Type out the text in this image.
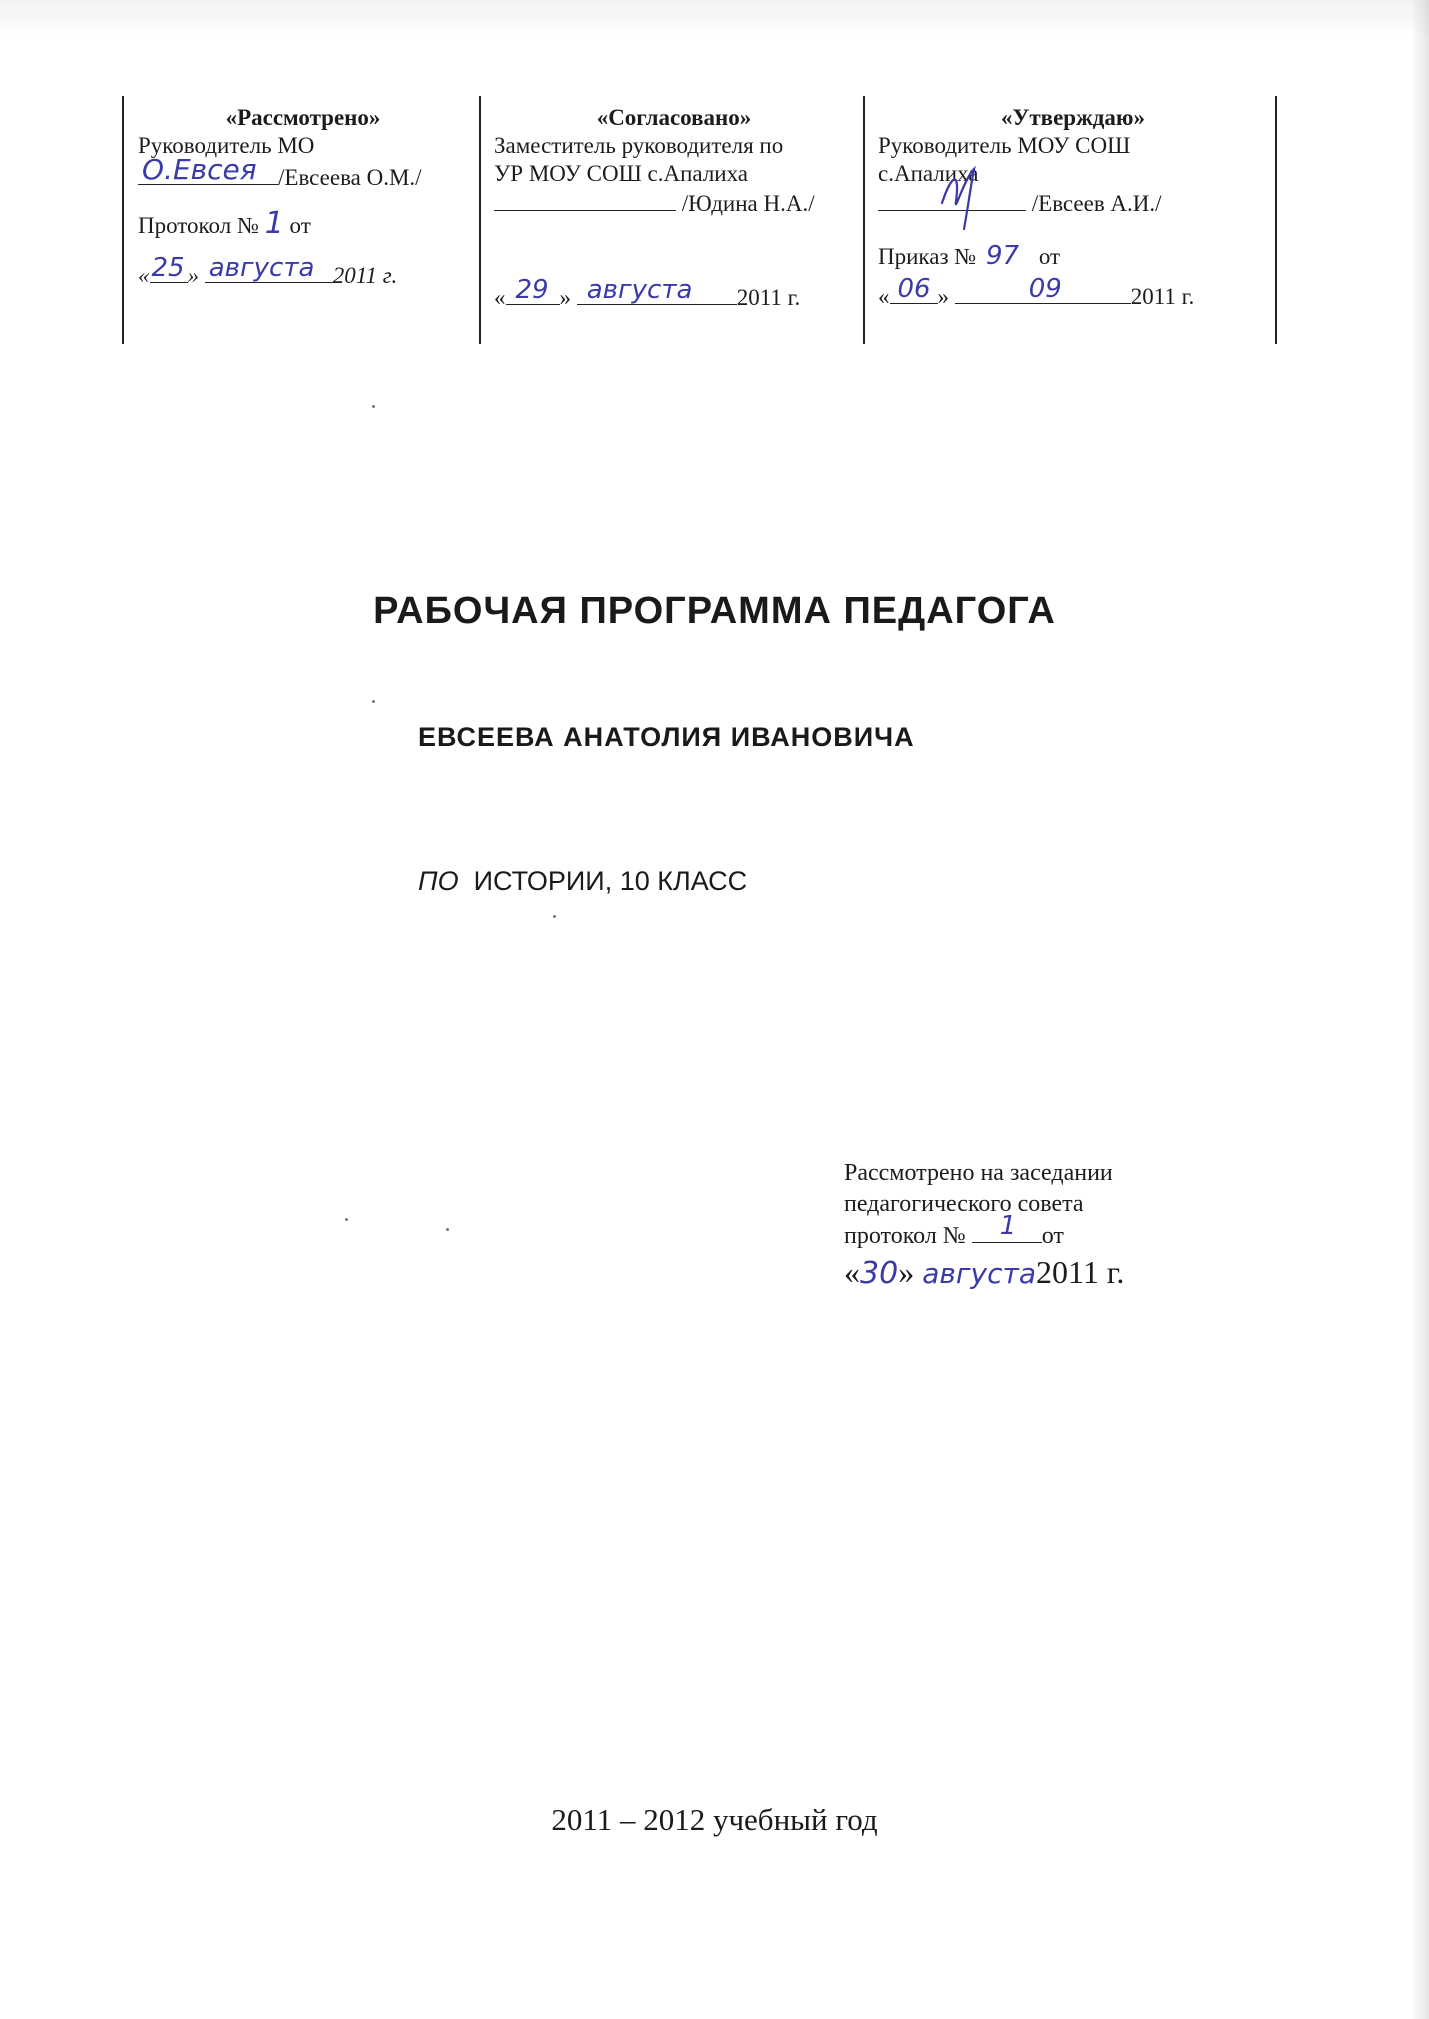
«Рассмотрено»
Руководитель МО
О.Евсея /Евсеева О.М./
Протокол № 1 от
« 25 » августа 2011 г.
«Согласовано»
Заместитель руководителя по
УР МОУ СОШ с.Апалиха
/Юдина Н.А./
« 29 » августа 2011 г.
«Утверждаю»
Руководитель МОУ СОШ
с.Апалиха
/Евсеев А.И./
Приказ № 97 от
« 06 »	09	2011 г.
РАБОЧАЯ ПРОГРАММА ПЕДАГОГА
ЕВСЕЕВА АНАТОЛИЯ ИВАНОВИЧА
ПО ИСТОРИИ, 10 КЛАСС
Рассмотрено на заседании
педагогического совета
протокол № 1 от
«30» августа2011 г.
2011 – 2012 учебный год
